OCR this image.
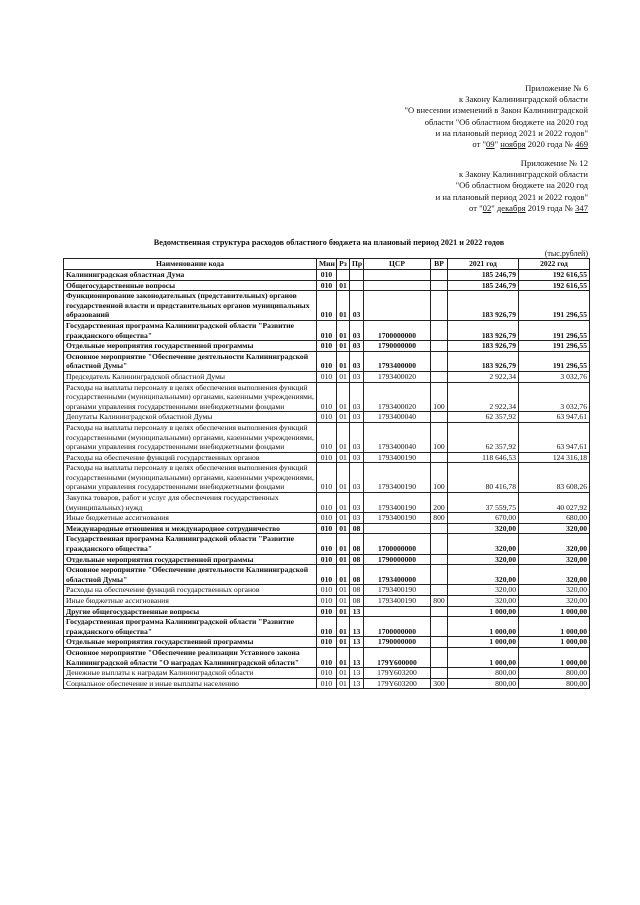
Приложение № 6
к Закону Калининградской области
"О внесении изменений в Закон Калининградской
области "Об областном бюджете на 2020 год
и на плановый период 2021 и 2022 годов"
от "09" ноября 2020 года № 469
Приложение № 12
к Закону Калининградской области
"Об областном бюджете на 2020 год
и на плановый период 2021 и 2022 годов"
от "02" декабря 2019 года № 347
Ведомственная структура расходов областного бюджета на плановый период 2021 и 2022 годов
(тыс.рублей)
Наименование кода	Мин	Рз	Пр	ЦСР	ВР	2021 год	2022 год
Калининградская областная Дума	010					185 246,79	192 616,55
Общегосударственные вопросы	010	01				185 246,79	192 616,55
Функционирование законодательных (представительных) органов государственной власти и представительных органов муниципальных образований	010	01	03			183 926,79	191 296,55
Государственная программа Калининградской области "Развитие гражданского общества"	010	01	03	1700000000		183 926,79	191 296,55
Отдельные мероприятия государственной программы	010	01	03	1790000000		183 926,79	191 296,55
Основное мероприятие "Обеспечение деятельности Калининградской областной Думы"	010	01	03	1793400000		183 926,79	191 296,55
Председатель Калининградской областной Думы	010	01	03	1793400020		2 922,34	3 032,76
Расходы на выплаты персоналу в целях обеспечения выполнения функций государственными (муниципальными) органами, казенными учреждениями, органами управления государственными внебюджетными фондами	010	01	03	1793400020	100	2 922,34	3 032,76
Депутаты Калининградской областной Думы	010	01	03	1793400040		62 357,92	63 947,61
Расходы на выплаты персоналу в целях обеспечения выполнения функций государственными (муниципальными) органами, казенными учреждениями, органами управления государственными внебюджетными фондами	010	01	03	1793400040	100	62 357,92	63 947,61
Расходы на обеспечение функций государственных органов	010	01	03	1793400190		118 646,53	124 316,18
Расходы на выплаты персоналу в целях обеспечения выполнения функций государственными (муниципальными) органами, казенными учреждениями, органами управления государственными внебюджетными фондами	010	01	03	1793400190	100	80 416,78	83 608,26
Закупка товаров, работ и услуг для обеспечения государственных (муниципальных) нужд	010	01	03	1793400190	200	37 559,75	40 027,92
Иные бюджетные ассигнования	010	01	03	1793400190	800	670,00	680,00
Международные отношения и международное сотрудничество	010	01	08			320,00	320,00
Государственная программа Калининградской области "Развитие гражданского общества"	010	01	08	1700000000		320,00	320,00
Отдельные мероприятия государственной программы	010	01	08	1790000000		320,00	320,00
Основное мероприятие "Обеспечение деятельности Калининградской областной Думы"	010	01	08	1793400000		320,00	320,00
Расходы на обеспечение функций государственных органов	010	01	08	1793400190		320,00	320,00
Иные бюджетные ассигнования	010	01	08	1793400190	800	320,00	320,00
Другие общегосударственные вопросы	010	01	13			1 000,00	1 000,00
Государственная программа Калининградской области "Развитие гражданского общества"	010	01	13	1700000000		1 000,00	1 000,00
Отдельные мероприятия государственной программы	010	01	13	1790000000		1 000,00	1 000,00
Основное мероприятие "Обеспечение реализации Уставного закона Калининградской области "О наградах Калининградской области"	010	01	13	179Y600000		1 000,00	1 000,00
Денежные выплаты к наградам Калининградской области	010	01	13	179Y603200		800,00	800,00
Социальное обеспечение и иные выплаты населению	010	01	13	179Y603200	300	800,00	800,00
